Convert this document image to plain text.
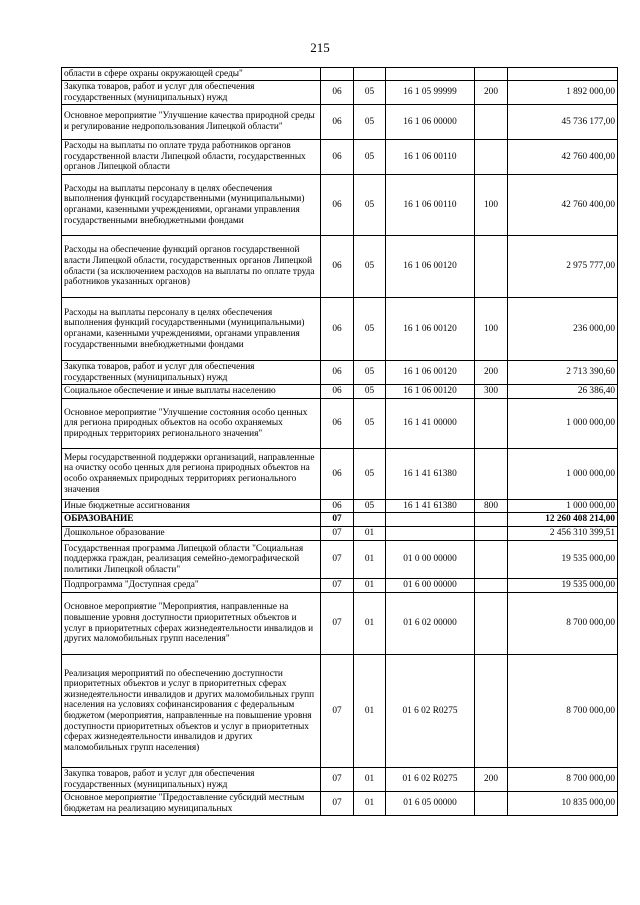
215
области в сфере охраны окружающей среды"					
Закупка товаров, работ и услуг для обеспечения государственных (муниципальных) нужд	06	05	16 1 05 99999	200	1 892 000,00
Основное мероприятие "Улучшение качества природной среды и регулирование недропользования Липецкой области"	06	05	16 1 06 00000		45 736 177,00
Расходы на выплаты по оплате труда работников органов государственной власти Липецкой области, государственных органов Липецкой области	06	05	16 1 06 00110		42 760 400,00
Расходы на выплаты персоналу в целях обеспечения выполнения функций государственными (муниципальными) органами, казенными учреждениями, органами управления государственными внебюджетными фондами	06	05	16 1 06 00110	100	42 760 400,00
Расходы на обеспечение функций органов государственной власти Липецкой области, государственных органов Липецкой области (за исключением расходов на выплаты по оплате труда работников указанных органов)	06	05	16 1 06 00120		2 975 777,00
Расходы на выплаты персоналу в целях обеспечения выполнения функций государственными (муниципальными) органами, казенными учреждениями, органами управления государственными внебюджетными фондами	06	05	16 1 06 00120	100	236 000,00
Закупка товаров, работ и услуг для обеспечения государственных (муниципальных) нужд	06	05	16 1 06 00120	200	2 713 390,60
Социальное обеспечение и иные выплаты населению	06	05	16 1 06 00120	300	26 386,40
Основное мероприятие "Улучшение состояния особо ценных для региона природных объектов на особо охраняемых природных территориях регионального значения"	06	05	16 1 41 00000		1 000 000,00
Меры государственной поддержки организаций, направленные на очистку особо ценных для региона природных объектов на особо охраняемых природных территориях регионального значения	06	05	16 1 41 61380		1 000 000,00
Иные бюджетные ассигнования	06	05	16 1 41 61380	800	1 000 000,00
ОБРАЗОВАНИЕ	07				12 260 408 214,00
Дошкольное образование	07	01			2 456 310 399,51
Государственная программа Липецкой области "Социальная поддержка граждан, реализация семейно-демографической политики Липецкой области"	07	01	01 0 00 00000		19 535 000,00
Подпрограмма "Доступная среда"	07	01	01 6 00 00000		19 535 000,00
Основное мероприятие "Мероприятия, направленные на повышение уровня доступности приоритетных объектов и услуг в приоритетных сферах жизнедеятельности инвалидов и других маломобильных групп населения"	07	01	01 6 02 00000		8 700 000,00
Реализация мероприятий по обеспечению доступности приоритетных объектов и услуг в приоритетных сферах жизнедеятельности инвалидов и других маломобильных групп населения на условиях софинансирования с федеральным бюджетом (мероприятия, направленные на повышение уровня доступности приоритетных объектов и услуг в приоритетных сферах жизнедеятельности инвалидов и других маломобильных групп населения)	07	01	01 6 02 R0275		8 700 000,00
Закупка товаров, работ и услуг для обеспечения государственных (муниципальных) нужд	07	01	01 6 02 R0275	200	8 700 000,00
Основное мероприятие "Предоставление субсидий местным бюджетам на реализацию муниципальных	07	01	01 6 05 00000		10 835 000,00
